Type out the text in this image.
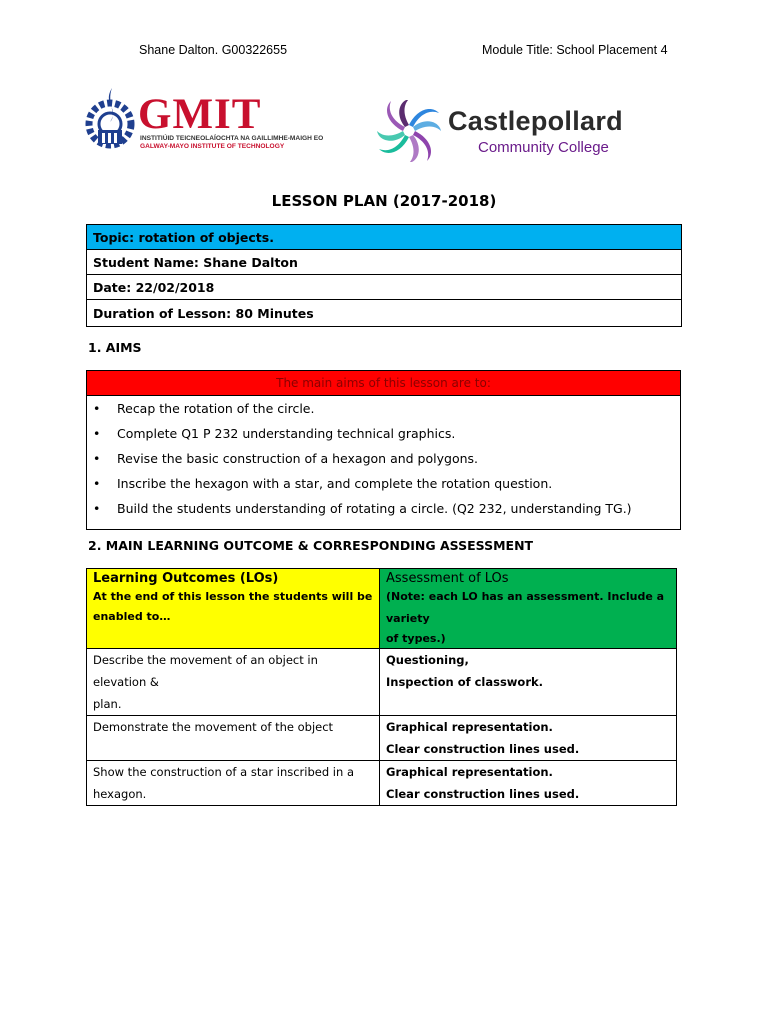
Shane Dalton. G00322655	Module Title: School Placement 4
GMIT
INSTITIÚID TEICNEOLAÍOCHTA NA GAILLIMHE-MAIGH EO
GALWAY-MAYO INSTITUTE OF TECHNOLOGY
Castlepollard
Community College
LESSON PLAN (2017-2018)
Topic: rotation of objects.
Student Name: Shane Dalton
Date: 22/02/2018
Duration of Lesson: 80 Minutes
1. AIMS
The main aims of this lesson are to:

• Recap the rotation of the circle.
• Complete Q1 P 232 understanding technical graphics.
• Revise the basic construction of a hexagon and polygons.
• Inscribe the hexagon with a star, and complete the rotation question.
• Build the students understanding of rotating a circle. (Q2 232, understanding TG.)
2. MAIN LEARNING OUTCOME & CORRESPONDING ASSESSMENT
Learning Outcomes (LOs)
At the end of this lesson the students will be
enabled to…	Assessment of LOs
(Note: each LO has an assessment. Include a variety
of types.)

Describe the movement of an object in elevation &
plan.	Questioning,
Inspection of classwork.

Demonstrate the movement of the object	Graphical representation.
Clear construction lines used.

Show the construction of a star inscribed in a
hexagon.	Graphical representation.
Clear construction lines used.
